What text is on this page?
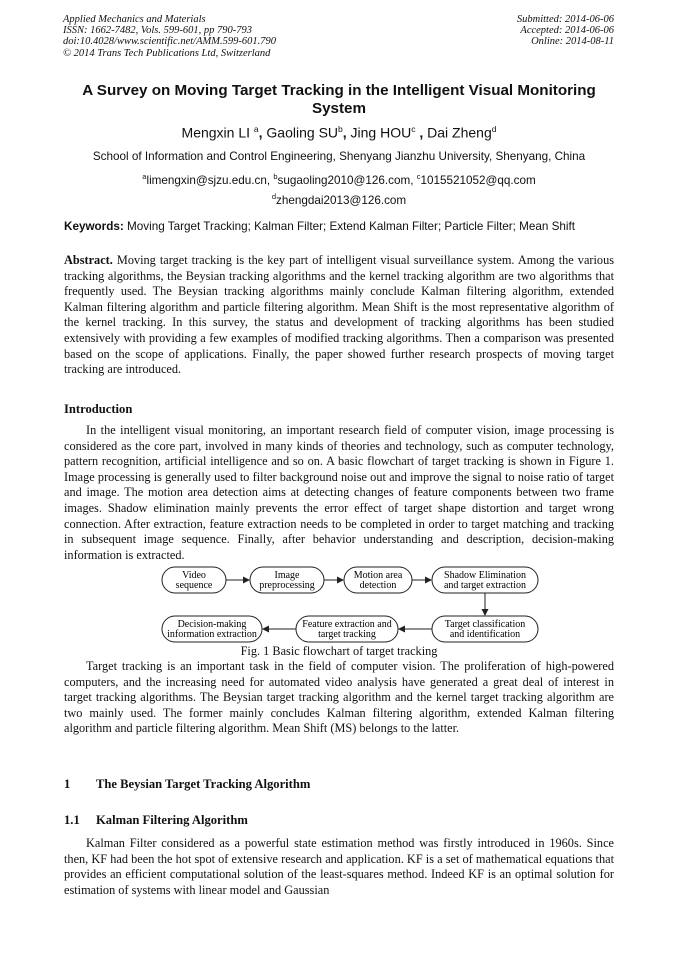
Applied Mechanics and Materials
ISSN: 1662-7482, Vols. 599-601, pp 790-793
doi:10.4028/www.scientific.net/AMM.599-601.790
© 2014 Trans Tech Publications Ltd, Switzerland
Submitted: 2014-06-06
Accepted: 2014-06-06
Online: 2014-08-11
A Survey on Moving Target Tracking in the Intelligent Visual Monitoring System
Mengxin LI $^a$, Gaoling $SU^b$, Jing HOU$^c$ , Dai Zheng$^d$
School of Information and Control Engineering, Shenyang Jianzhu University, Shenyang, China
$^a$limengxin@sjzu.edu.cn, $^b$sugaoling2010@126.com, $^c$1015521052@qq.com
$^d$zhengdai2013@126.com
Keywords: Moving Target Tracking; Kalman Filter; Extend Kalman Filter; Particle Filter; Mean Shift
Abstract. Moving target tracking is the key part of intelligent visual surveillance system. Among the various tracking algorithms, the Beysian tracking algorithms and the kernel tracking algorithm are two algorithms that frequently used. The Beysian tracking algorithms mainly conclude Kalman filtering algorithm, extended Kalman filtering algorithm and particle filtering algorithm. Mean Shift is the most representative algorithm of the kernel tracking. In this survey, the status and development of tracking algorithms has been studied extensively with providing a few examples of modified tracking algorithms. Then a comparison was presented based on the scope of applications. Finally, the paper showed further research prospects of moving target tracking are introduced.
Introduction
In the intelligent visual monitoring, an important research field of computer vision, image processing is considered as the core part, involved in many kinds of theories and technology, such as computer technology, pattern recognition, artificial intelligence and so on. A basic flowchart of target tracking is shown in Figure 1. Image processing is generally used to filter background noise out and improve the signal to noise ratio of target and image. The motion area detection aims at detecting changes of feature components between two frame images. Shadow elimination mainly prevents the error effect of target shape distortion and target wrong connection. After extraction, feature extraction needs to be completed in order to target matching and tracking in subsequent image sequence. Finally, after behavior understanding and description, decision-making information is extracted.
Video
sequence
Image
preprocessing
Motion area
detection
Shadow Elimination
and target extraction
Target classification
and identification
Feature extraction and
target tracking
Decision-making
information extraction
Fig. 1 Basic flowchart of target tracking
Target tracking is an important task in the field of computer vision. The proliferation of high-powered computers, and the increasing need for automated video analysis have generated a great deal of interest in target tracking algorithms. The Beysian target tracking algorithm and the kernel target tracking algorithm are two mainly used. The former mainly concludes Kalman filtering algorithm, extended Kalman filtering algorithm and particle filtering algorithm. Mean Shift (MS) belongs to the latter.
1 The Beysian Target Tracking Algorithm
1.1 Kalman Filtering Algorithm
Kalman Filter considered as a powerful state estimation method was firstly introduced in 1960s. Since then, KF had been the hot spot of extensive research and application. KF is a set of mathematical equations that provides an efficient computational solution of the least-squares method. Indeed KF is an optimal solution for estimation of systems with linear model and Gaussian
